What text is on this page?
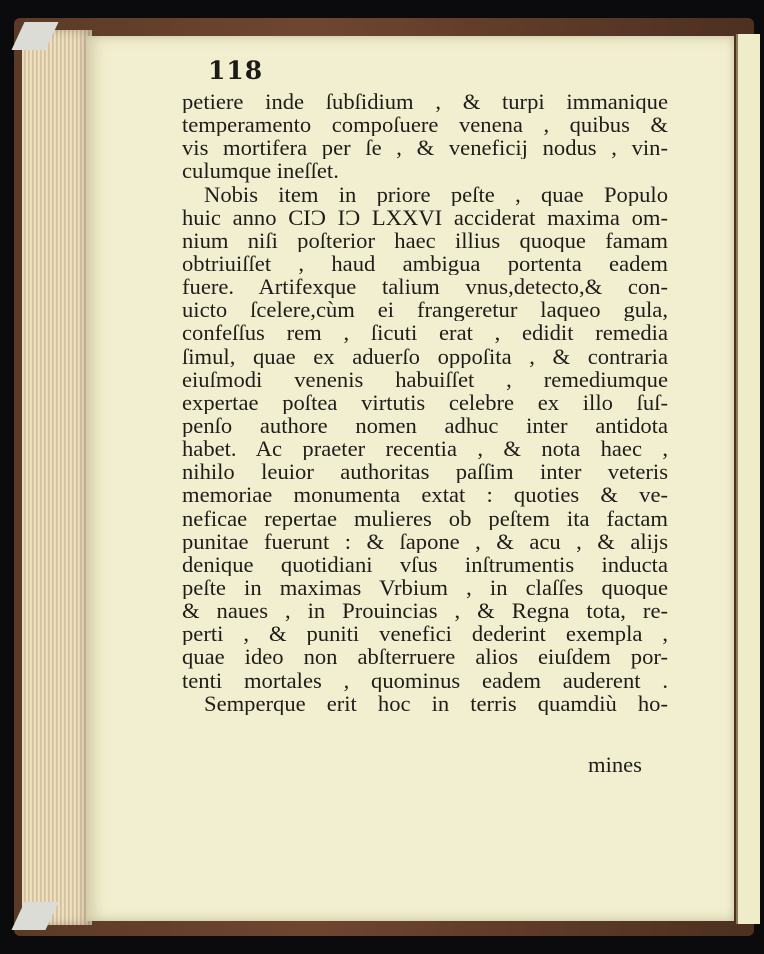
118
petiere inde ſubſidium , & turpi immanique
temperamento compoſuere venena , quibus &
vis mortifera per ſe , & veneficij nodus , vin-
culumque ineſſet.
Nobis item in priore peſte , quae Populo
huic anno CIƆ IƆ LXXVI acciderat maxima om-
nium niſi poſterior haec illius quoque famam
obtriuiſſet , haud ambigua portenta eadem
fuere. Artifexque talium vnus,detecto,& con-
uicto ſcelere,cùm ei frangeretur laqueo gula,
confeſſus rem , ſicuti erat , edidit remedia
ſimul, quae ex aduerſo oppoſita , & contraria
eiuſmodi venenis habuiſſet , remediumque
expertae poſtea virtutis celebre ex illo ſuſ-
penſo authore nomen adhuc inter antidota
habet. Ac praeter recentia , & nota haec ,
nihilo leuior authoritas paſſim inter veteris
memoriae monumenta extat : quoties & ve-
neficae repertae mulieres ob peſtem ita factam
punitae fuerunt : & ſapone , & acu , & alijs
denique quotidiani vſus inſtrumentis inducta
peſte in maximas Vrbium , in claſſes quoque
& naues , in Prouincias , & Regna tota, re-
perti , & puniti venefici dederint exempla ,
quae ideo non abſterruere alios eiuſdem por-
tenti mortales , quominus eadem auderent .
Semperque erit hoc in terris quamdiù ho-
mines
